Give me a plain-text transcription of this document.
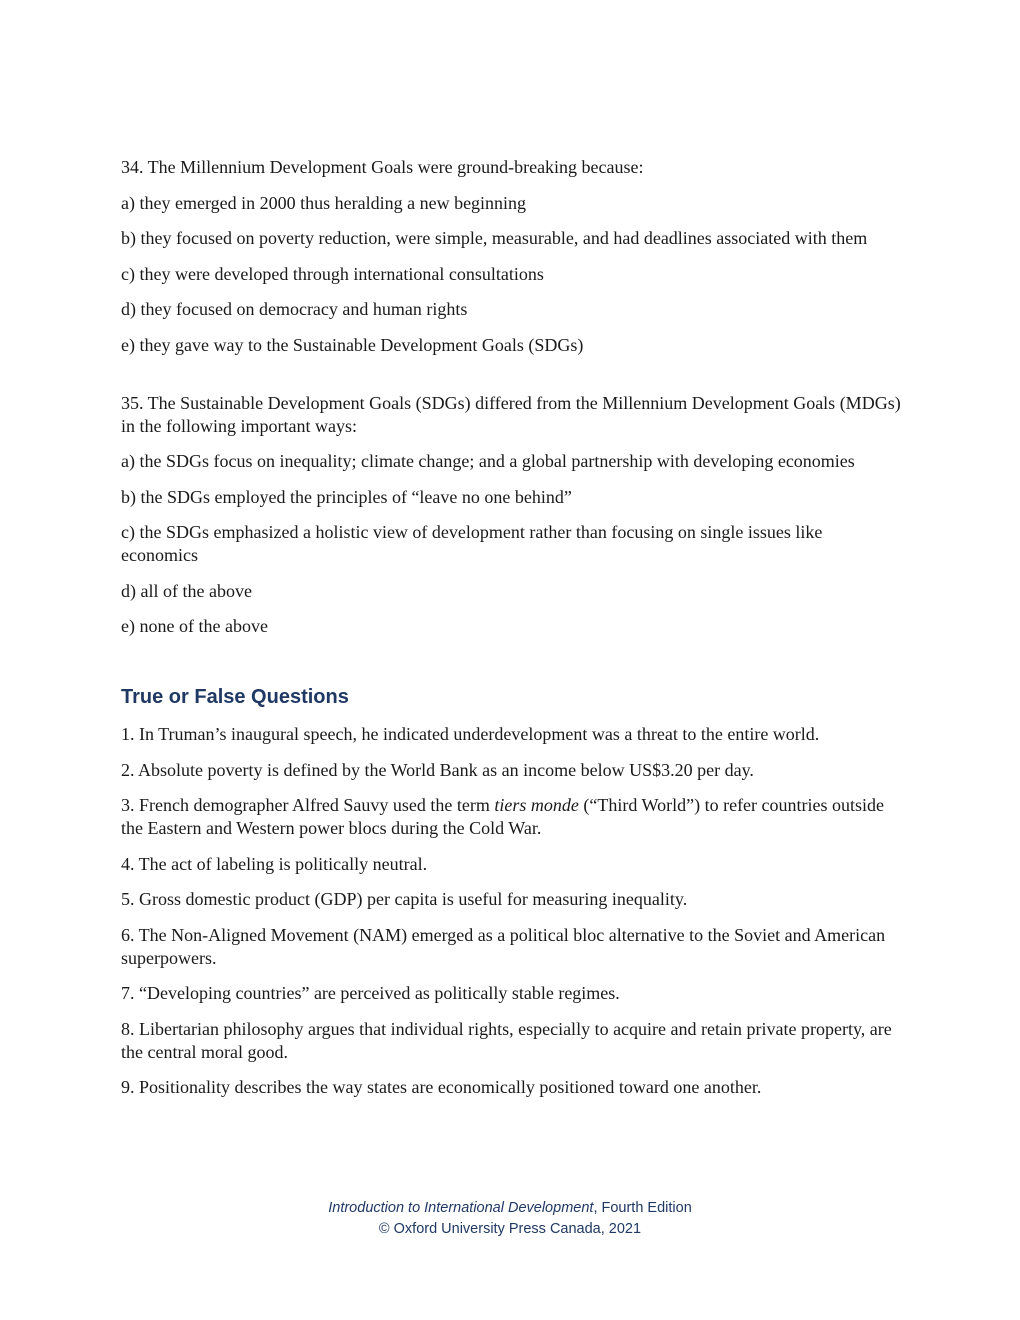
34. The Millennium Development Goals were ground-breaking because:

a) they emerged in 2000 thus heralding a new beginning

b) they focused on poverty reduction, were simple, measurable, and had deadlines associated with them

c) they were developed through international consultations

d) they focused on democracy and human rights

e) they gave way to the Sustainable Development Goals (SDGs)

35. The Sustainable Development Goals (SDGs) differed from the Millennium Development Goals (MDGs) in the following important ways:

a) the SDGs focus on inequality; climate change; and a global partnership with developing economies

b) the SDGs employed the principles of “leave no one behind”

c) the SDGs emphasized a holistic view of development rather than focusing on single issues like economics

d) all of the above

e) none of the above

True or False Questions

1. In Truman’s inaugural speech, he indicated underdevelopment was a threat to the entire world.

2. Absolute poverty is defined by the World Bank as an income below US$3.20 per day.

3. French demographer Alfred Sauvy used the term tiers monde (“Third World”) to refer countries outside the Eastern and Western power blocs during the Cold War.

4. The act of labeling is politically neutral.

5. Gross domestic product (GDP) per capita is useful for measuring inequality.

6. The Non-Aligned Movement (NAM) emerged as a political bloc alternative to the Soviet and American superpowers.

7. “Developing countries” are perceived as politically stable regimes.

8. Libertarian philosophy argues that individual rights, especially to acquire and retain private property, are the central moral good.

9. Positionality describes the way states are economically positioned toward one another.

Introduction to International Development, Fourth Edition
© Oxford University Press Canada, 2021
